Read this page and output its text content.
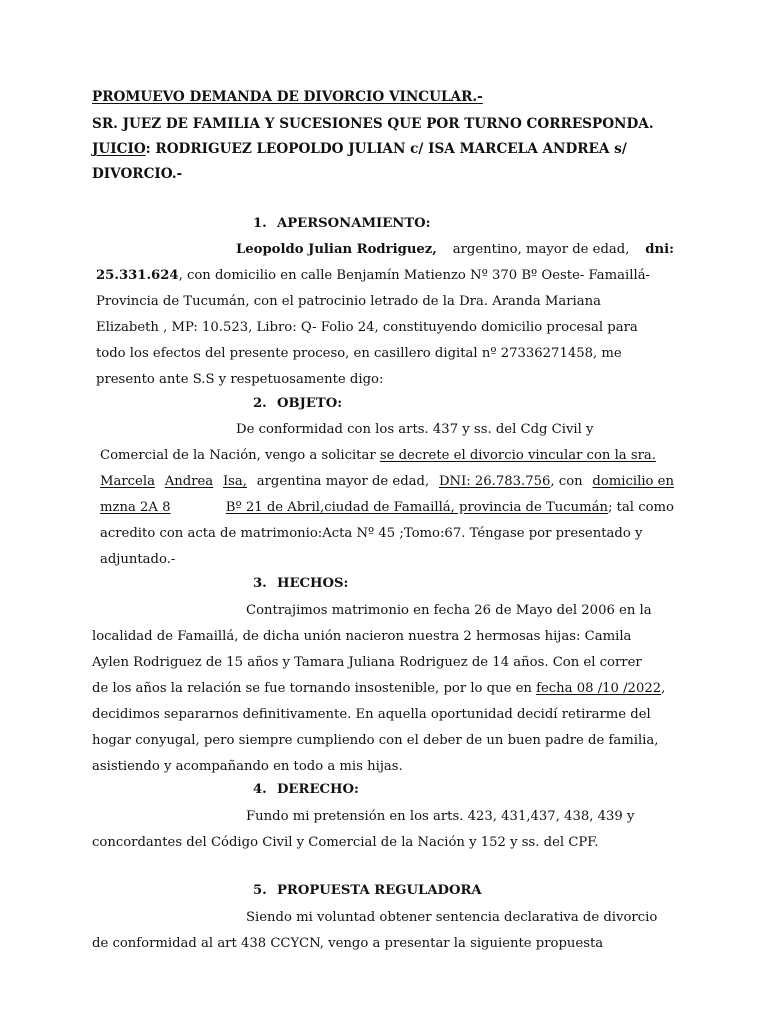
PROMUEVO DEMANDA DE DIVORCIO VINCULAR.-
SR. JUEZ DE FAMILIA Y SUCESIONES QUE POR TURNO CORRESPONDA.
JUICIO: RODRIGUEZ LEOPOLDO JULIAN c/ ISA MARCELA ANDREA s/
DIVORCIO.-
1. APERSONAMIENTO:
Leopoldo Julian Rodriguez, argentino, mayor de edad, dni:
25.331.624, con domicilio en calle Benjamín Matienzo Nº 370 Bº Oeste- Famaillá-
Provincia de Tucumán, con el patrocinio letrado de la Dra. Aranda Mariana
Elizabeth , MP: 10.523, Libro: Q- Folio 24, constituyendo domicilio procesal para
todo los efectos del presente proceso, en casillero digital nº 27336271458, me
presento ante S.S y respetuosamente digo:
2. OBJETO:
De conformidad con los arts. 437 y ss. del Cdg Civil y
Comercial de la Nación, vengo a solicitar se decrete el divorcio vincular con la sra.
Marcela Andrea Isa, argentina mayor de edad, DNI: 26.783.756, con domicilio en
mzna 2A 8	Bº 21 de Abril,ciudad de Famaillá, provincia de Tucumán; tal como
acredito con acta de matrimonio:Acta Nº 45 ;Tomo:67. Téngase por presentado y
adjuntado.-
3. HECHOS:
Contrajimos matrimonio en fecha 26 de Mayo del 2006 en la
localidad de Famaillá, de dicha unión nacieron nuestra 2 hermosas hijas: Camila
Aylen Rodriguez de 15 años y Tamara Juliana Rodriguez de 14 años. Con el correr
de los años la relación se fue tornando insostenible, por lo que en fecha 08 /10 /2022,
decidimos separarnos definitivamente. En aquella oportunidad decidí retirarme del
hogar conyugal, pero siempre cumpliendo con el deber de un buen padre de familia,
asistiendo y acompañando en todo a mis hijas.
4. DERECHO:
Fundo mi pretensión en los arts. 423, 431,437, 438, 439 y
concordantes del Código Civil y Comercial de la Nación y 152 y ss. del CPF.
5. PROPUESTA REGULADORA
Siendo mi voluntad obtener sentencia declarativa de divorcio
de conformidad al art 438 CCYCN, vengo a presentar la siguiente propuesta
